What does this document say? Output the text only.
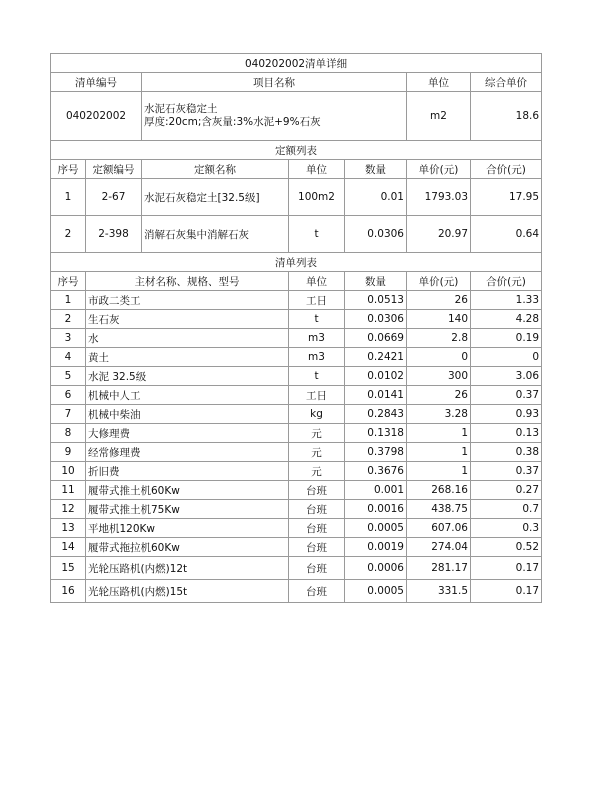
040202002清单详细						
清单编号		项目名称			单位	综合单价
040202002		水泥石灰稳定土
厚度:20cm;含灰量:3%水泥+9%石灰			m2	18.6
定额列表						
序号	定额编号	定额名称	单位	数量	单价(元)	合价(元)
1	2-67	水泥石灰稳定土[32.5级]	100m2	0.01	1793.03	17.95
2	2-398	消解石灰集中消解石灰	t	0.0306	20.97	0.64
清单列表						
序号	主材名称、规格、型号		单位	数量	单价(元)	合价(元)
1	市政二类工		工日	0.0513	26	1.33
2	生石灰		t	0.0306	140	4.28
3	水		m3	0.0669	2.8	0.19
4	黄土		m3	0.2421	0	0
5	水泥 32.5级		t	0.0102	300	3.06
6	机械中人工		工日	0.0141	26	0.37
7	机械中柴油		kg	0.2843	3.28	0.93
8	大修理费		元	0.1318	1	0.13
9	经常修理费		元	0.3798	1	0.38
10	折旧费		元	0.3676	1	0.37
11	履带式推土机60Kw		台班	0.001	268.16	0.27
12	履带式推土机75Kw		台班	0.0016	438.75	0.7
13	平地机120Kw		台班	0.0005	607.06	0.3
14	履带式拖拉机60Kw		台班	0.0019	274.04	0.52
15	光轮压路机(内燃)12t		台班	0.0006	281.17	0.17
16	光轮压路机(内燃)15t		台班	0.0005	331.5	0.17
